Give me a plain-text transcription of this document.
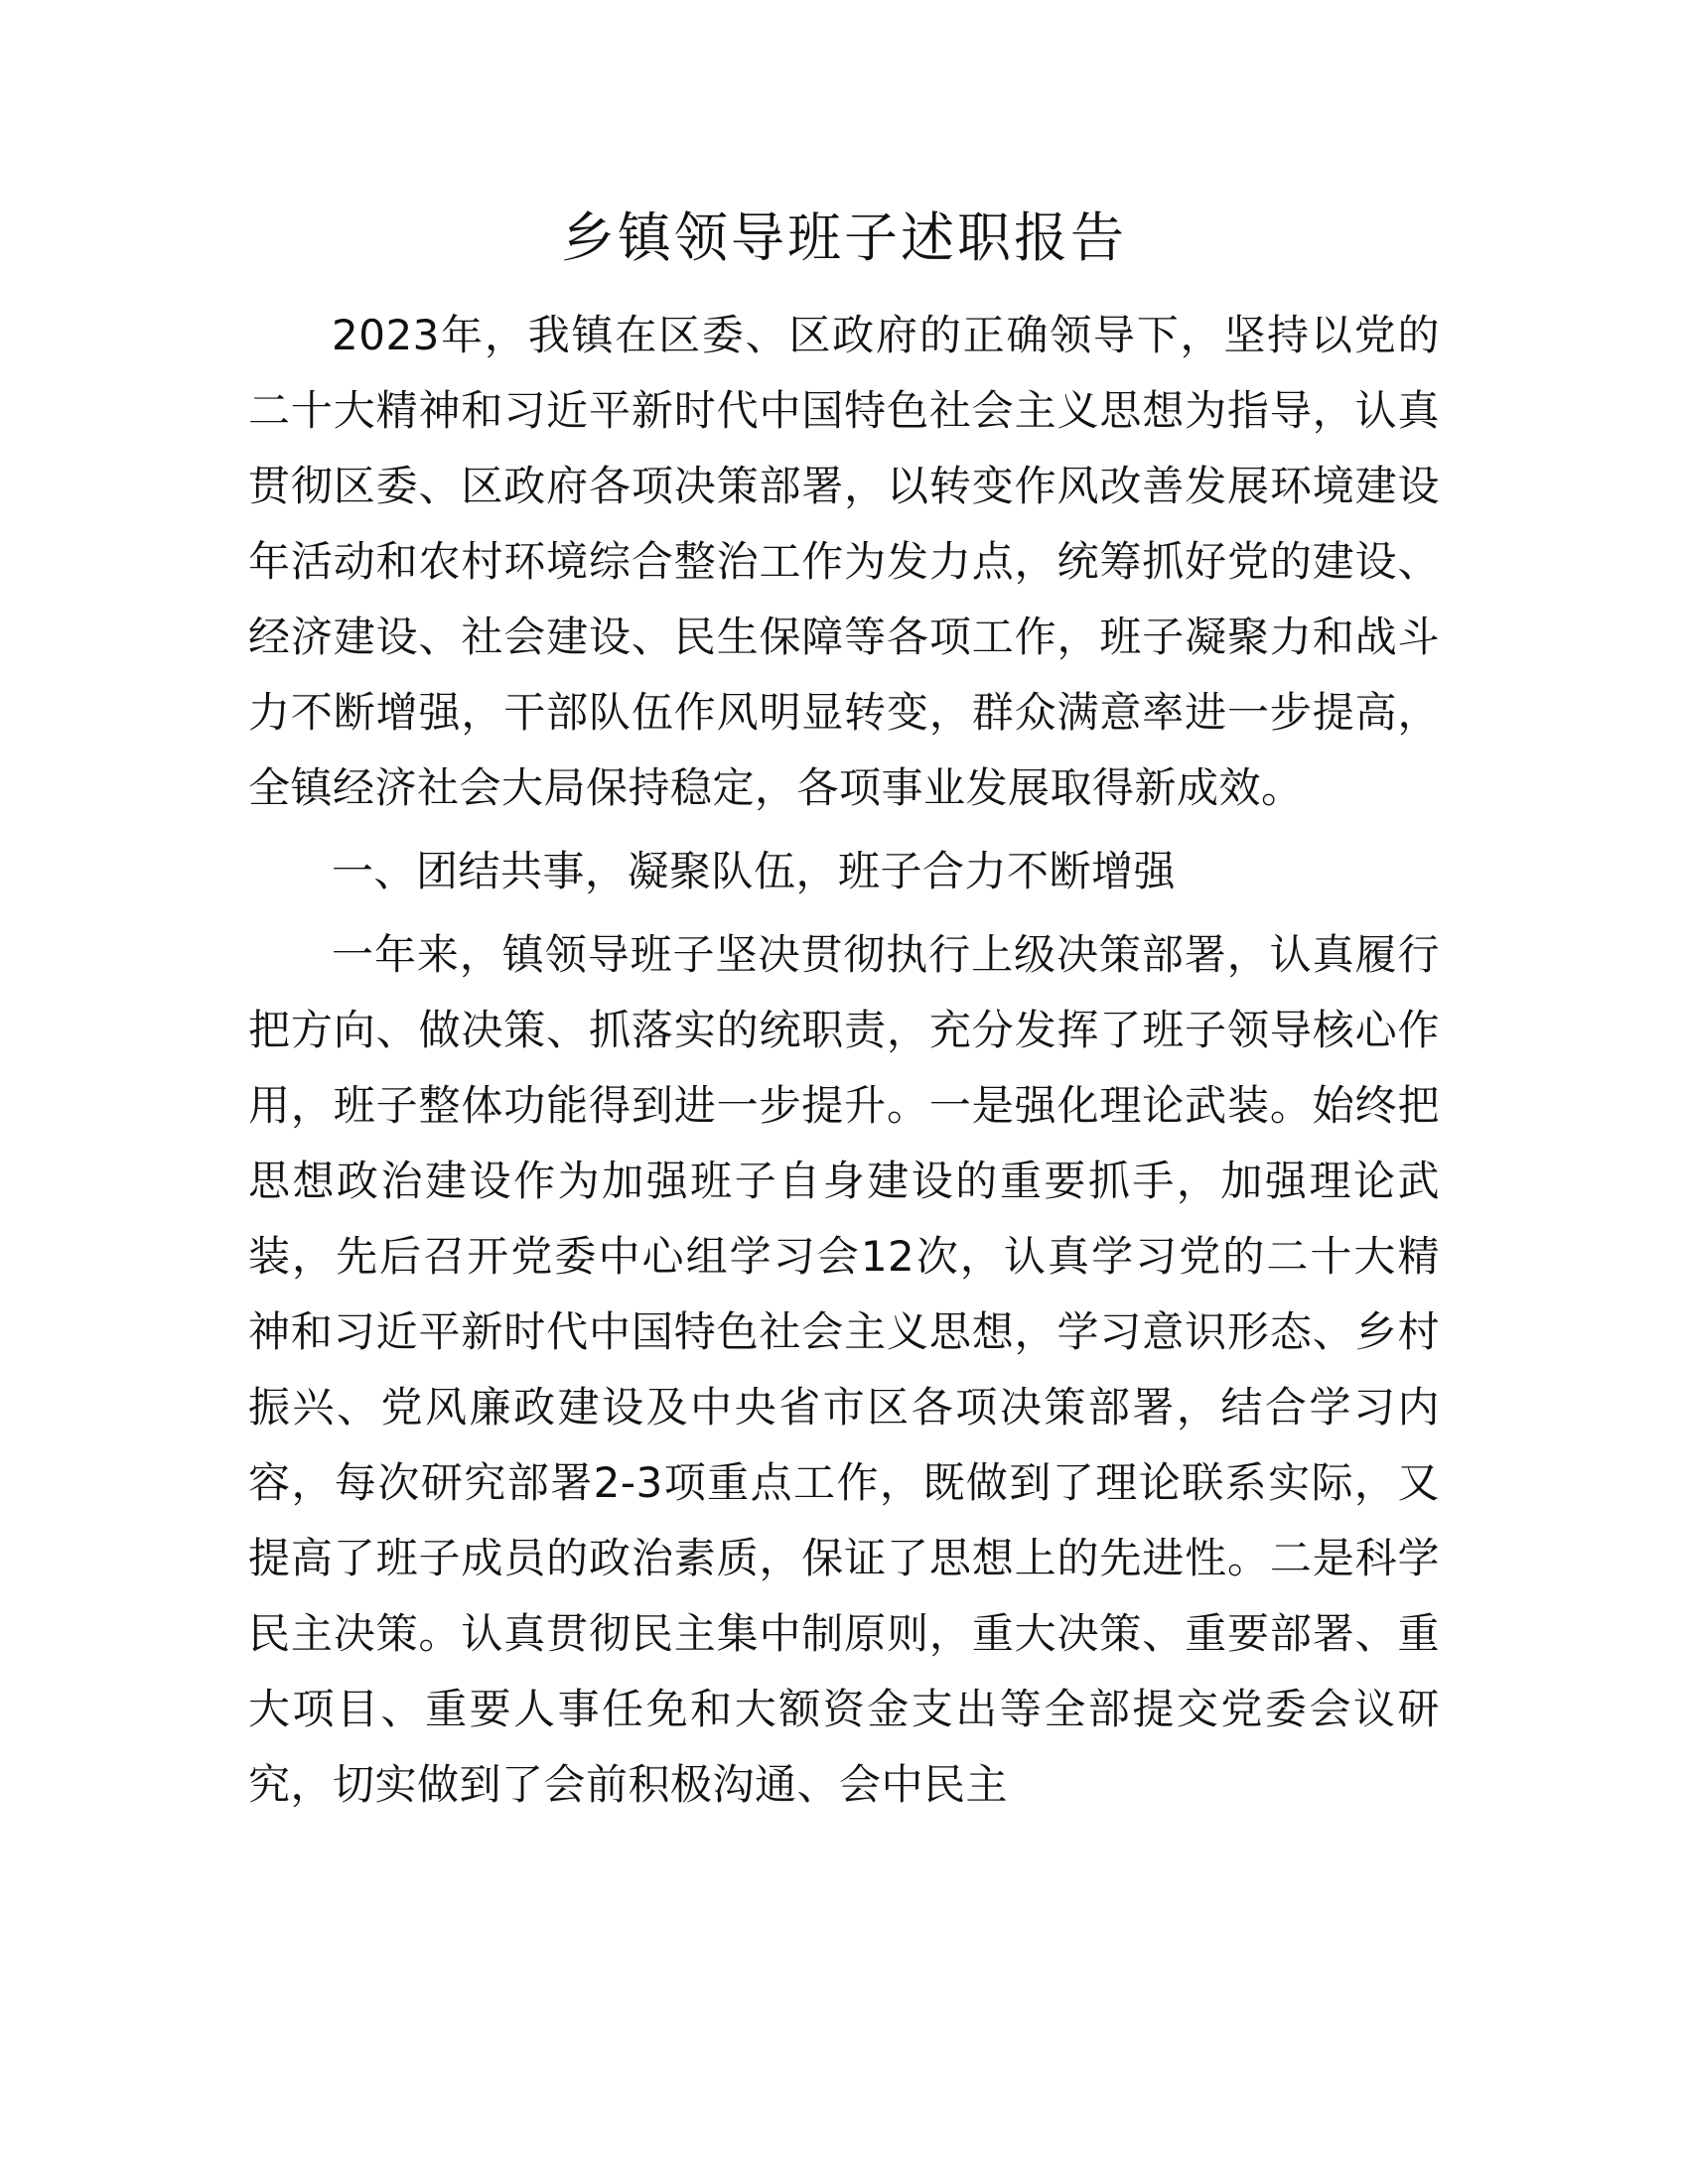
乡镇领导班子述职报告

2023年，我镇在区委、区政府的正确领导下，坚持以党的二十大精神和习近平新时代中国特色社会主义思想为指导，认真贯彻区委、区政府各项决策部署，以转变作风改善发展环境建设年活动和农村环境综合整治工作为发力点，统筹抓好党的建设、经济建设、社会建设、民生保障等各项工作，班子凝聚力和战斗力不断增强，干部队伍作风明显转变，群众满意率进一步提高，全镇经济社会大局保持稳定，各项事业发展取得新成效。

一、团结共事，凝聚队伍，班子合力不断增强

一年来，镇领导班子坚决贯彻执行上级决策部署，认真履行把方向、做决策、抓落实的统职责，充分发挥了班子领导核心作用，班子整体功能得到进一步提升。一是强化理论武装。始终把思想政治建设作为加强班子自身建设的重要抓手，加强理论武装，先后召开党委中心组学习会12次，认真学习党的二十大精神和习近平新时代中国特色社会主义思想，学习意识形态、乡村振兴、党风廉政建设及中央省市区各项决策部署，结合学习内容，每次研究部署2-3项重点工作，既做到了理论联系实际，又提高了班子成员的政治素质，保证了思想上的先进性。二是科学民主决策。认真贯彻民主集中制原则，重大决策、重要部署、重大项目、重要人事任免和大额资金支出等全部提交党委会议研究，切实做到了会前积极沟通、会中民主
